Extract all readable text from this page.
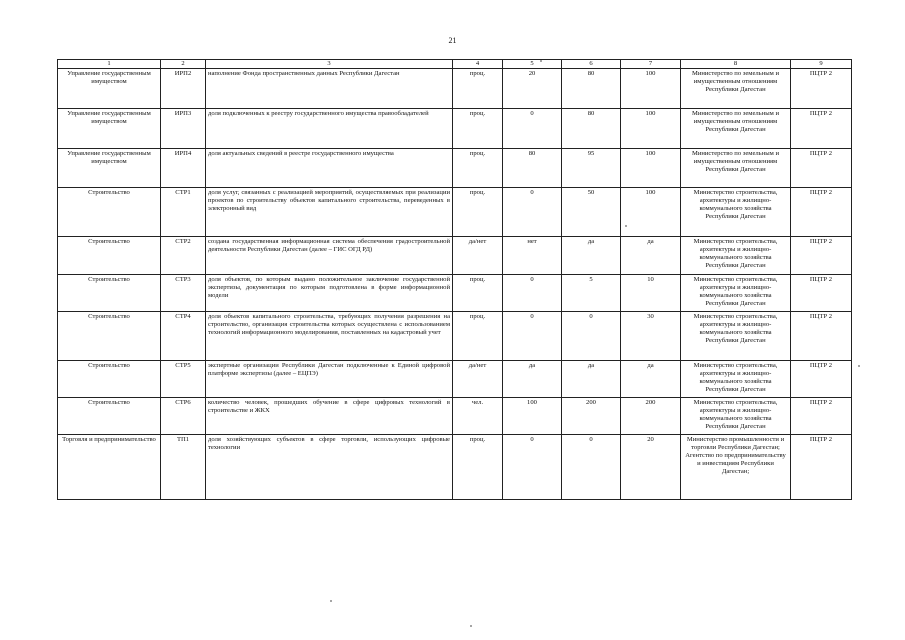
21
1	2	3	4	5	6	7	8	9
Управление государственным имуществом	ИРП2	наполнение Фонда пространственных данных Республики Дагестан	проц.	20	80	100	Министерство по земельным и имущественным отношениям Республики Дагестан	ПЦТР 2
Управление государственным имуществом	ИРП3	доля подключенных к реестру государственного имущества правообладателей	проц.	0	80	100	Министерство по земельным и имущественным отношениям Республики Дагестан	ПЦТР 2
Управление государственным имуществом	ИРП4	доля актуальных сведений в реестре государственного имущества	проц.	80	95	100	Министерство по земельным и имущественным отношениям Республики Дагестан	ПЦТР 2
Строительство	СТР1	доля услуг, связанных с реализацией мероприятий, осуществляемых при реализации проектов по строительству объектов капитального строительства, переведенных в электронный вид	проц.	0	50	100	Министерство строительства, архитектуры и жилищно-коммунального хозяйства Республики Дагестан	ПЦТР 2
Строительство	СТР2	создана государственная информационная система обеспечения градостроительной деятельности Республики Дагестан (далее – ГИС ОГД РД)	да/нет	нет	да	да	Министерство строительства, архитектуры и жилищно-коммунального хозяйства Республики Дагестан	ПЦТР 2
Строительство	СТР3	доля объектов, по которым выдано положительное заключение государственной экспертизы, документация по которым подготовлена в форме информационной модели	проц.	0	5	10	Министерство строительства, архитектуры и жилищно-коммунального хозяйства Республики Дагестан	ПЦТР 2
Строительство	СТР4	доля объектов капитального строительства, требующих получения разрешения на строительство, организация строительства которых осуществлена с использованием технологий информационного моделирования, поставленных на кадастровый учет	проц.	0	0	30	Министерство строительства, архитектуры и жилищно-коммунального хозяйства Республики Дагестан	ПЦТР 2
Строительство	СТР5	экспертные организации Республики Дагестан подключенные к Единой цифровой платформе экспертизы (далее – ЕЦПЭ)	да/нет	да	да	да	Министерство строительства, архитектуры и жилищно-коммунального хозяйства Республики Дагестан	ПЦТР 2
Строительство	СТР6	количество человек, прошедших обучение в сфере цифровых технологий в строительстве и ЖКХ	чел.	100	200	200	Министерство строительства, архитектуры и жилищно-коммунального хозяйства Республики Дагестан	ПЦТР 2
Торговля и предпринимательство	ТП1	доля хозяйствующих субъектов в сфере торговли, использующих цифровые технологии	проц.	0	0	20	Министерство промышленности и торговли Республики Дагестан; Агентство по предпринимательству и инвестициям Республики Дагестан;	ПЦТР 2
